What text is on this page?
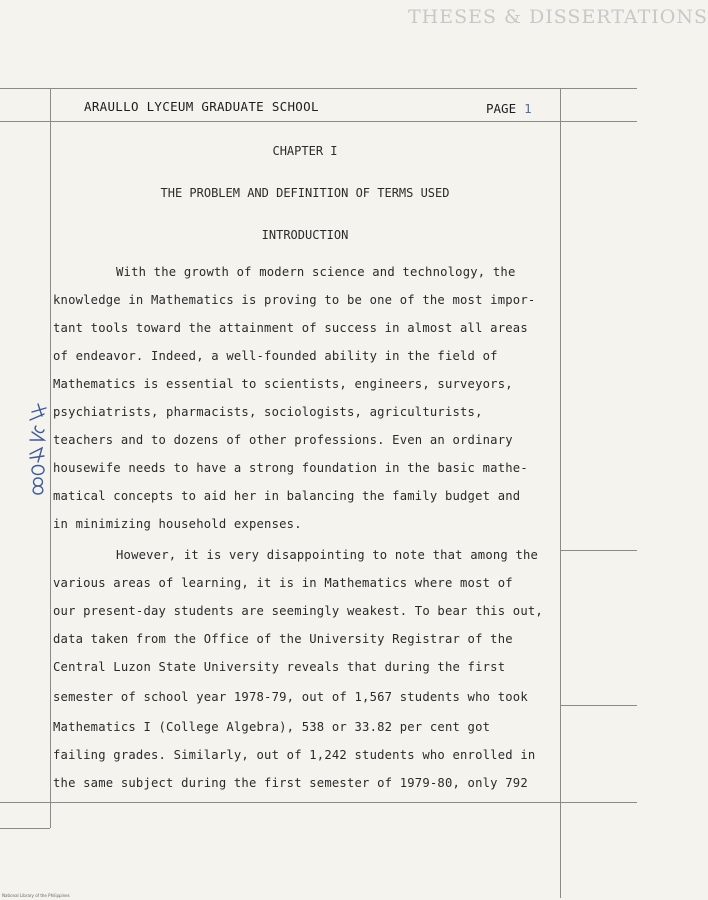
THESES & DISSERTATIONS
ARAULLO LYCEUM GRADUATE SCHOOL	PAGE 1
CHAPTER I
THE PROBLEM AND DEFINITION OF TERMS USED
INTRODUCTION
With the growth of modern science and technology, the
knowledge in Mathematics is proving to be one of the most impor-
tant tools toward the attainment of success in almost all areas
of endeavor. Indeed, a well-founded ability in the field of
Mathematics is essential to scientists, engineers, surveyors,
psychiatrists, pharmacists, sociologists, agriculturists,
teachers and to dozens of other professions. Even an ordinary
housewife needs to have a strong foundation in the basic mathe-
matical concepts to aid her in balancing the family budget and
in minimizing household expenses.
However, it is very disappointing to note that among the
various areas of learning, it is in Mathematics where most of
our present-day students are seemingly weakest. To bear this out,
data taken from the Office of the University Registrar of the
Central Luzon State University reveals that during the first
semester of school year 1978-79, out of 1,567 students who took
Mathematics I (College Algebra), 538 or 33.82 per cent got
failing grades. Similarly, out of 1,242 students who enrolled in
the same subject during the first semester of 1979-80, only 792
National Library of the Philippines
